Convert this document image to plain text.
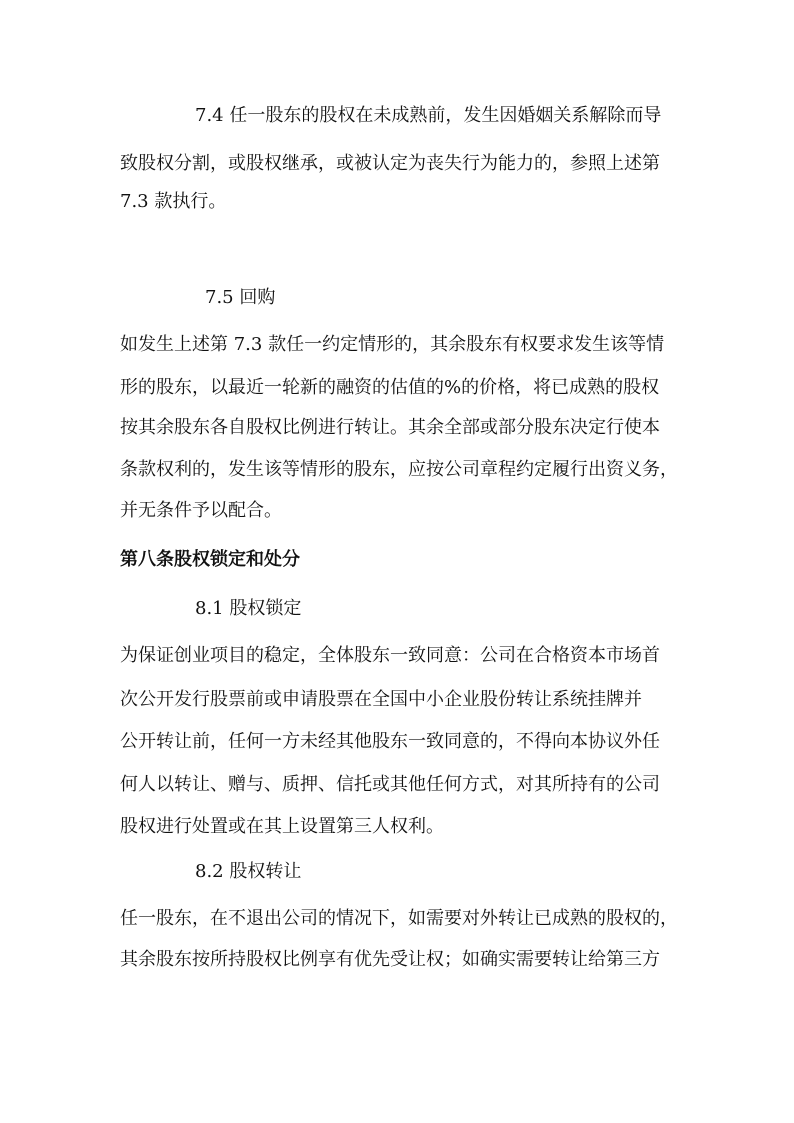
7.4 任一股东的股权在未成熟前，发生因婚姻关系解除而导
致股权分割，或股权继承，或被认定为丧失行为能力的，参照上述第
7.3 款执行。
7.5 回购
如发生上述第 7.3 款任一约定情形的，其余股东有权要求发生该等情
形的股东，以最近一轮新的融资的估值的%的价格，将已成熟的股权
按其余股东各自股权比例进行转让。其余全部或部分股东决定行使本
条款权利的，发生该等情形的股东，应按公司章程约定履行出资义务，
并无条件予以配合。
第八条股权锁定和处分
8.1 股权锁定
为保证创业项目的稳定，全体股东一致同意：公司在合格资本市场首
次公开发行股票前或申请股票在全国中小企业股份转让系统挂牌并
公开转让前，任何一方未经其他股东一致同意的，不得向本协议外任
何人以转让、赠与、质押、信托或其他任何方式，对其所持有的公司
股权进行处置或在其上设置第三人权利。
8.2 股权转让
任一股东，在不退出公司的情况下，如需要对外转让已成熟的股权的，
其余股东按所持股权比例享有优先受让权；如确实需要转让给第三方
